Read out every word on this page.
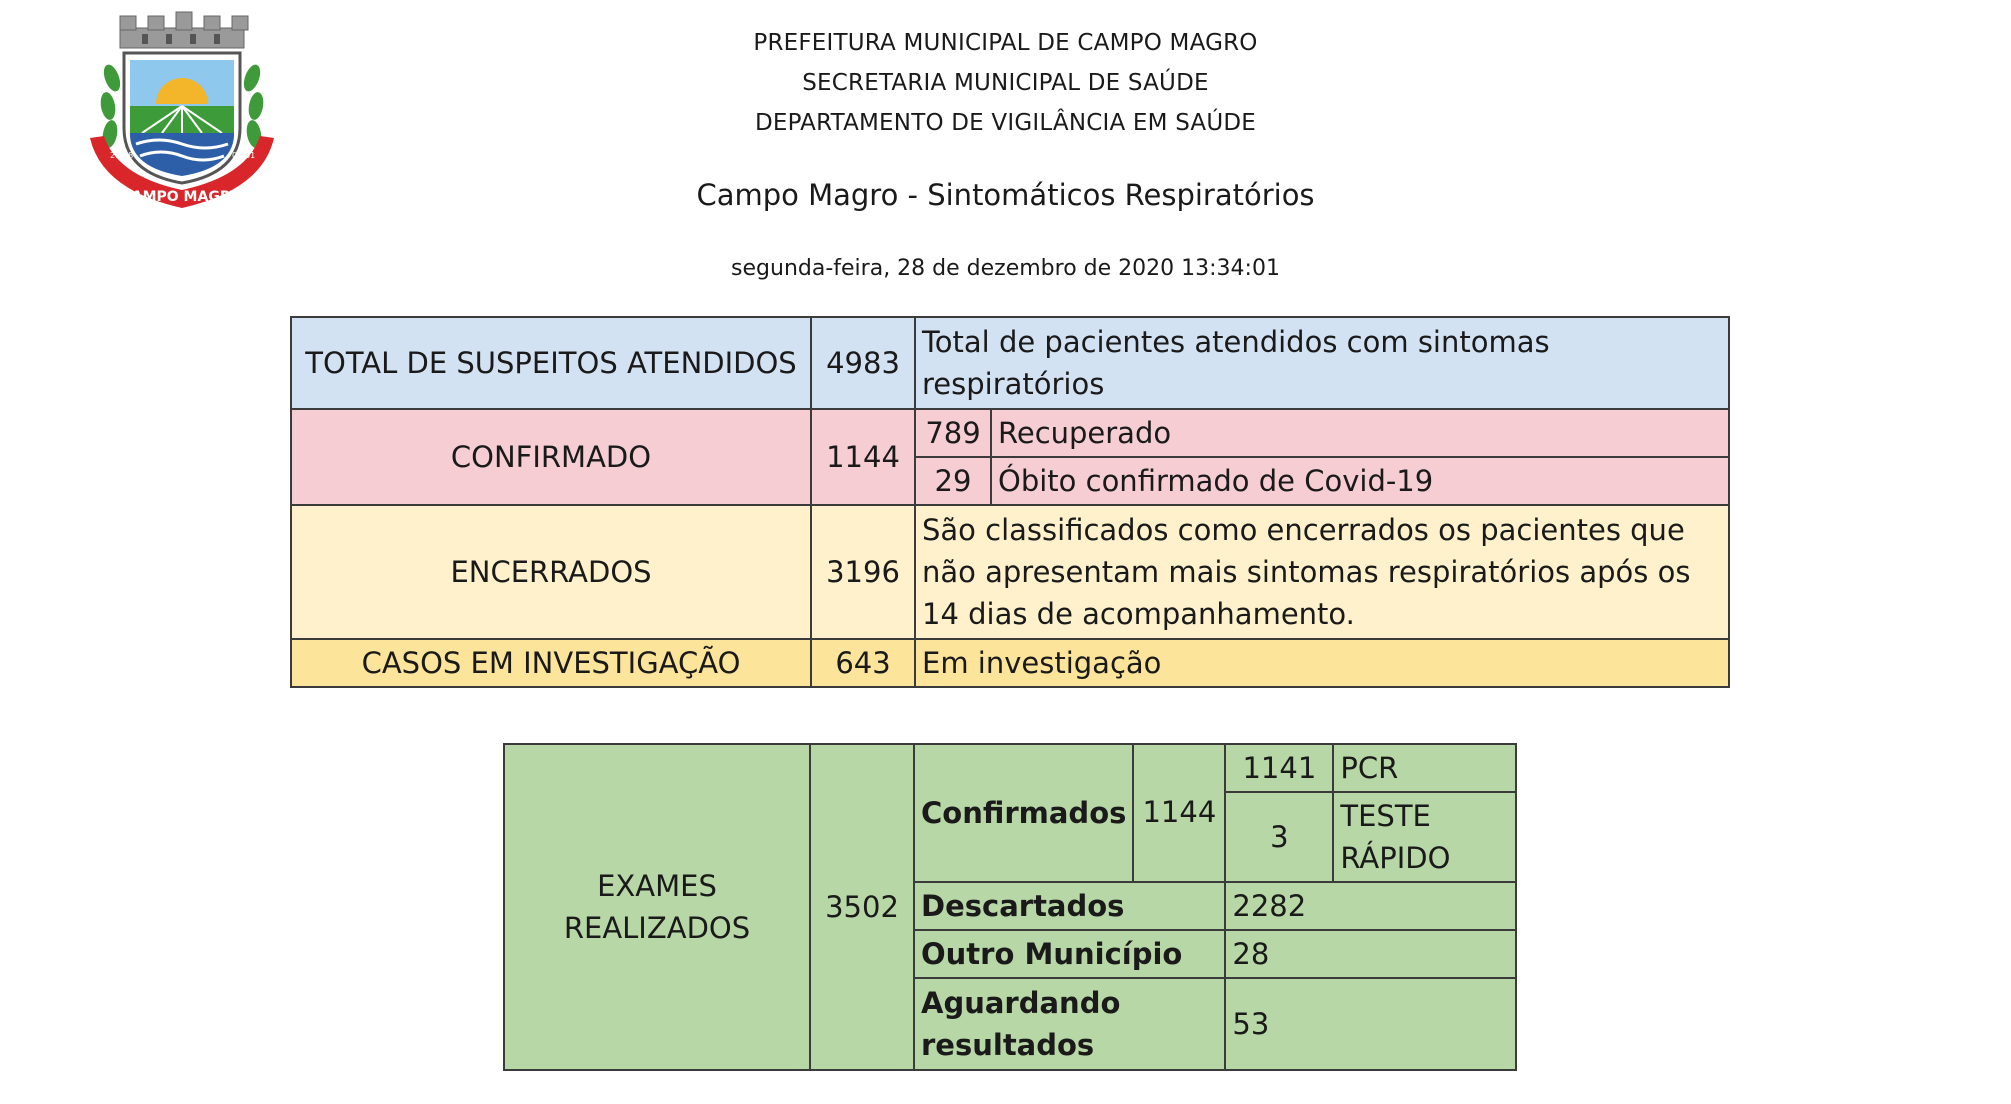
CAMPO MAGRO
20-08	01-01
PREFEITURA MUNICIPAL DE CAMPO MAGRO
SECRETARIA MUNICIPAL DE SAÚDE
DEPARTAMENTO DE VIGILÂNCIA EM SAÚDE
Campo Magro - Sintomáticos Respiratórios
segunda-feira, 28 de dezembro de 2020 13:34:01
TOTAL DE SUSPEITOS ATENDIDOS	4983	Total de pacientes atendidos com sintomas respiratórios	
CONFIRMADO	1144	789	Recuperado
		29	Óbito confirmado de Covid-19
ENCERRADOS	3196	São classificados como encerrados os pacientes que não apresentam mais sintomas respiratórios após os 14 dias de acompanhamento.	
CASOS EM INVESTIGAÇÃO	643	Em investigação	
EXAMES REALIZADOS	3502	Confirmados	1144	1141	PCR
				3	TESTE RÁPIDO
		Descartados		2282	
		Outro Município		28	
		Aguardando resultados		53	
